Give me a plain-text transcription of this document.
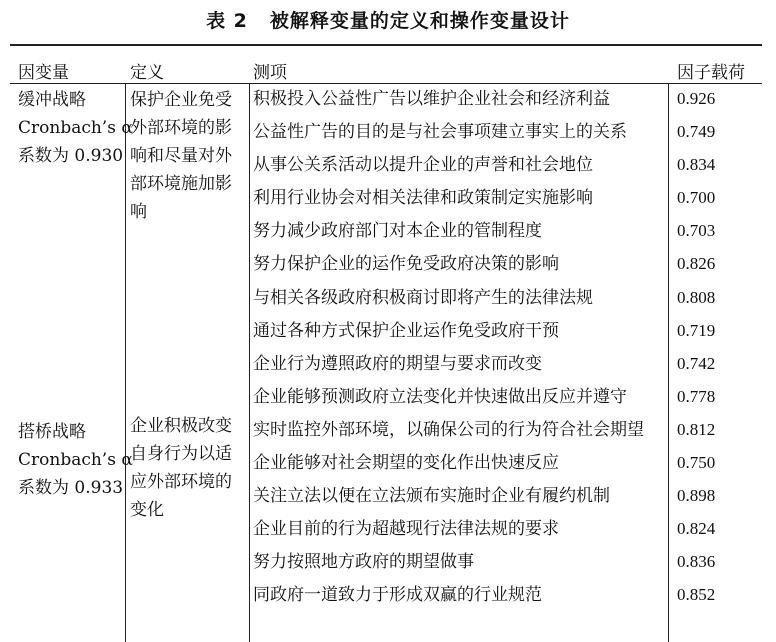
表 2 被解释变量的定义和操作变量设计
因变量	定义	测项	因子载荷
缓冲战略
Cronbach’s α
系数为 0.930
保护企业免受
外部环境的影
响和尽量对外
部环境施加影
响
搭桥战略
Cronbach’s α
系数为 0.933
企业积极改变
自身行为以适
应外部环境的
变化
积极投入公益性广告以维护企业社会和经济利益	0.926
公益性广告的目的是与社会事项建立事实上的关系	0.749
从事公关系活动以提升企业的声誉和社会地位	0.834
利用行业协会对相关法律和政策制定实施影响	0.700
努力减少政府部门对本企业的管制程度	0.703
努力保护企业的运作免受政府决策的影响	0.826
与相关各级政府积极商讨即将产生的法律法规	0.808
通过各种方式保护企业运作免受政府干预	0.719
企业行为遵照政府的期望与要求而改变	0.742
企业能够预测政府立法变化并快速做出反应并遵守	0.778
实时监控外部环境，以确保公司的行为符合社会期望 0.812
企业能够对社会期望的变化作出快速反应	0.750
关注立法以便在立法颁布实施时企业有履约机制	0.898
企业目前的行为超越现行法律法规的要求	0.824
努力按照地方政府的期望做事	0.836
同政府一道致力于形成双赢的行业规范	0.852
